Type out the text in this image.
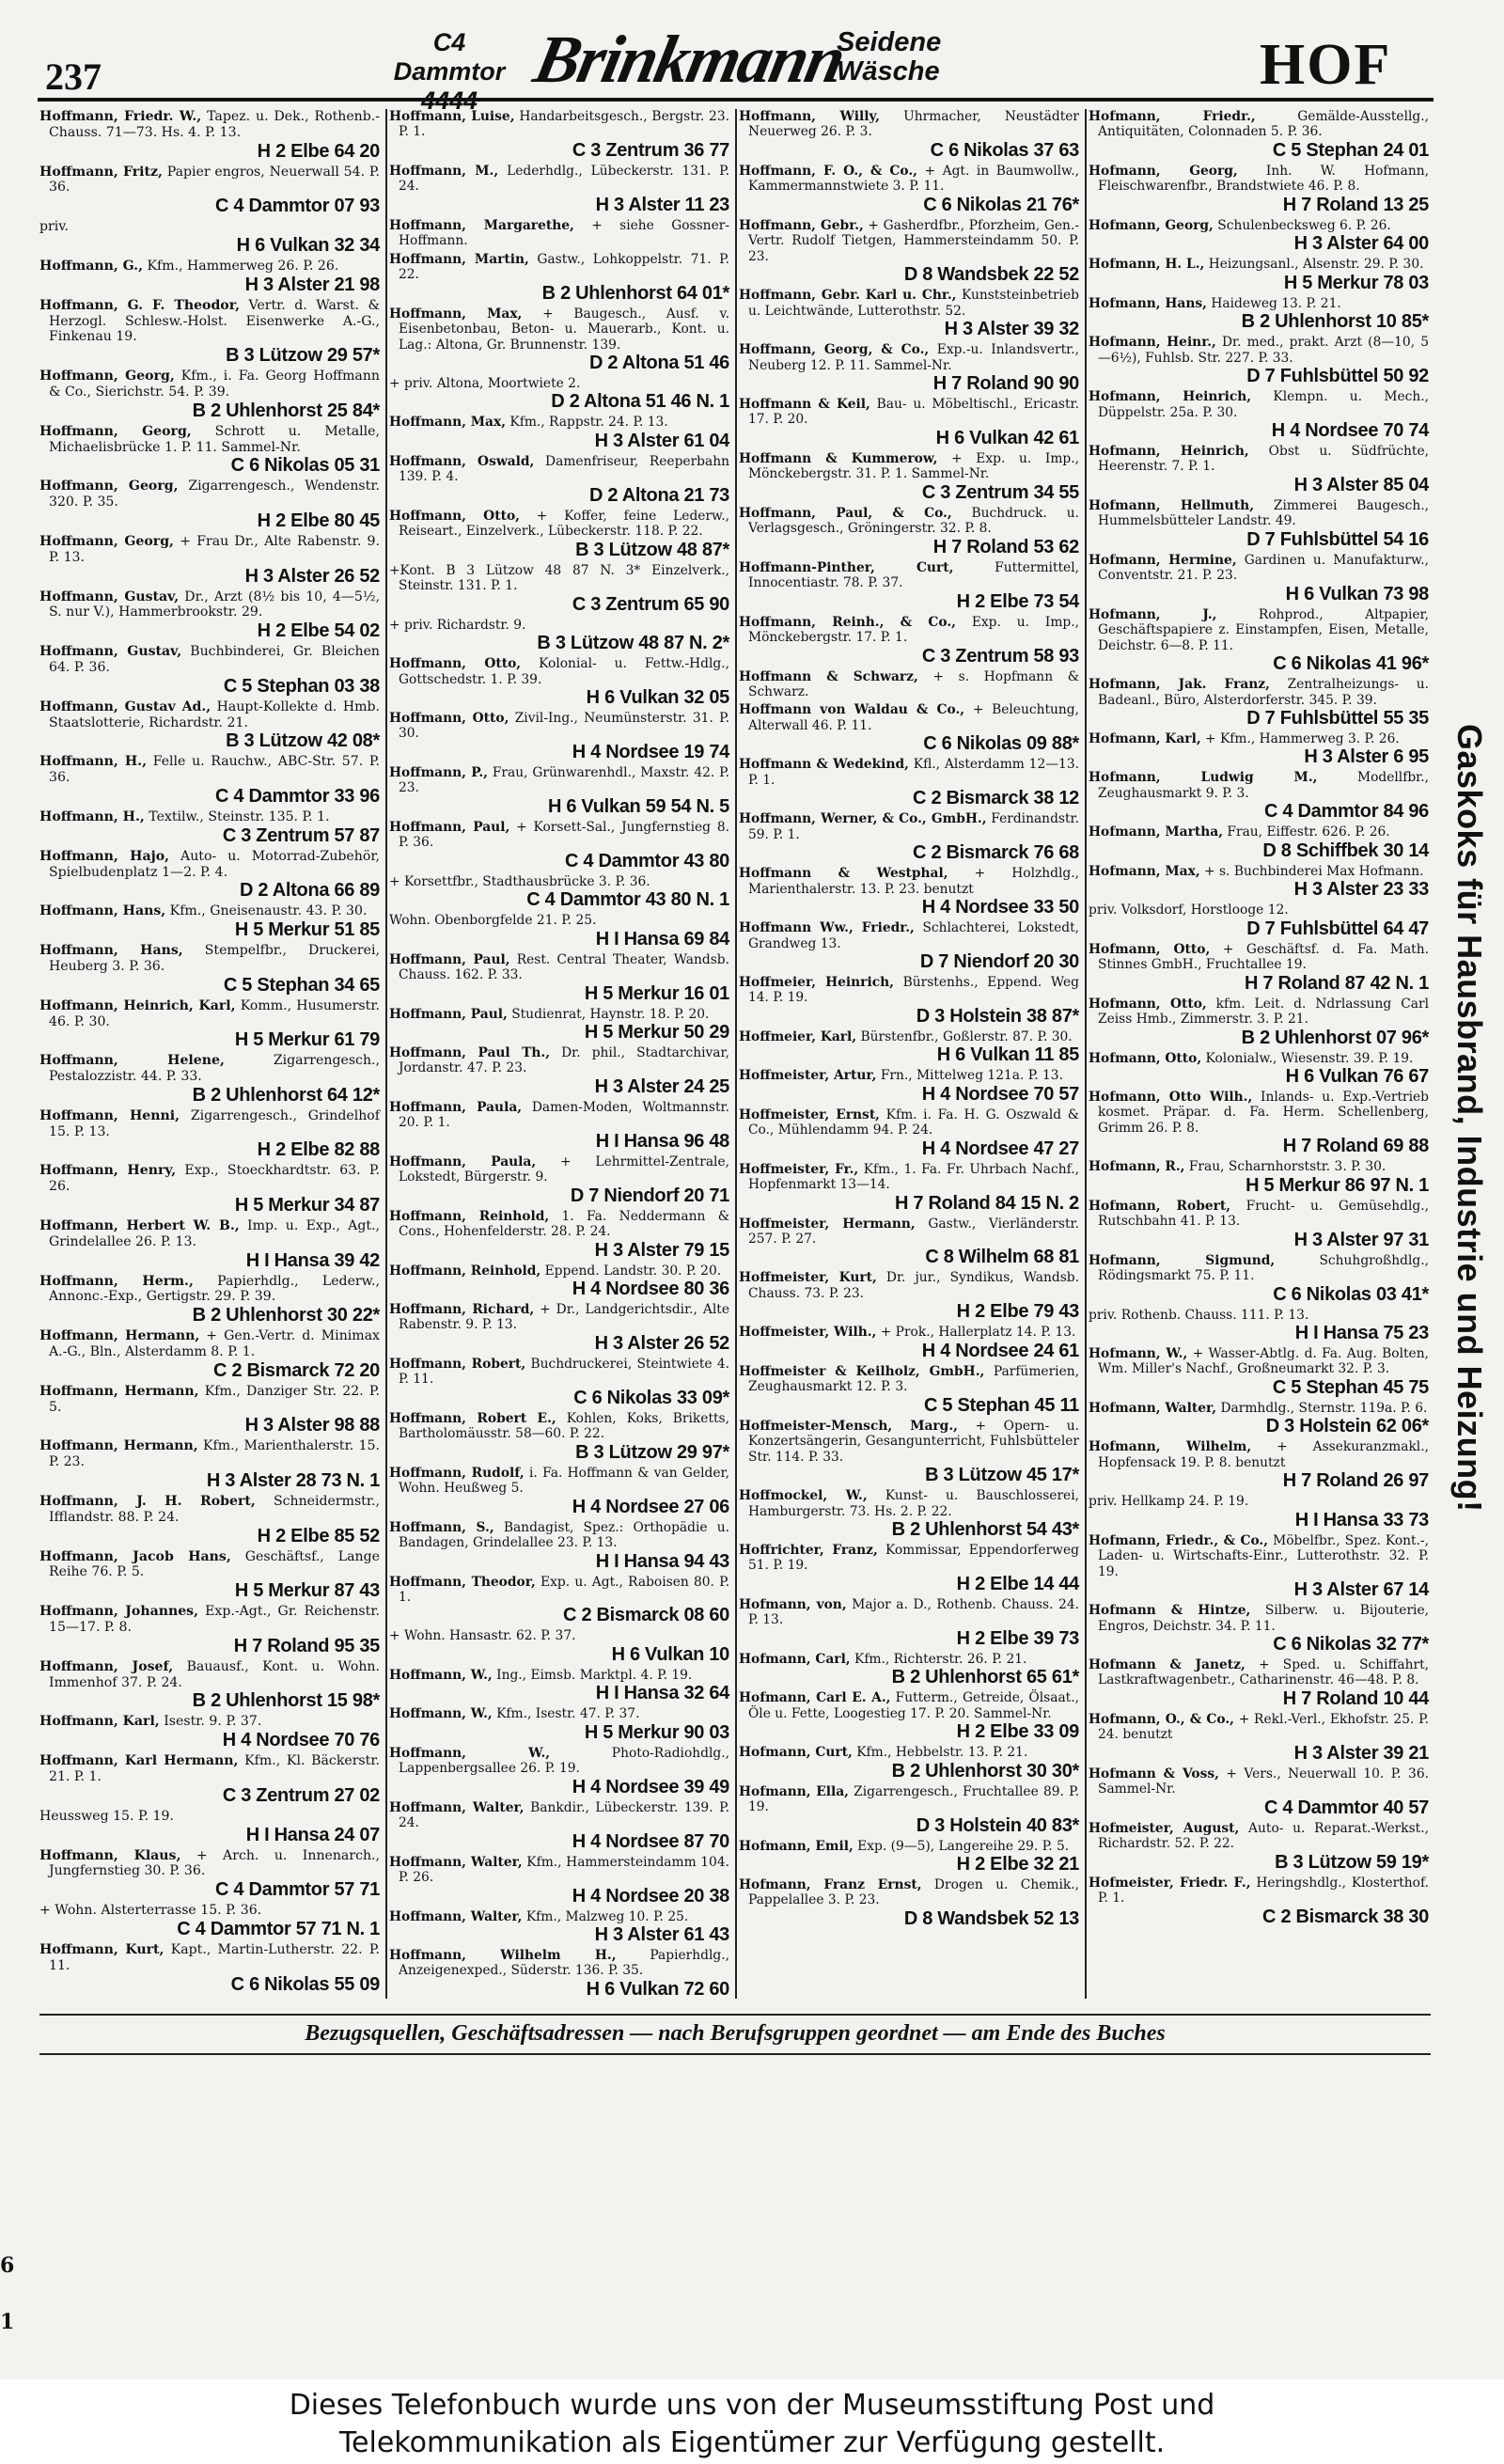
237
C4 Dammtor Brinkmann
Seidene
Wäsche	HOF
Hoffmann, Friedr. W., Tapez. u. Dek., Rothenb.-Chauss. 71—73. Hs. 4. P. 13.
H 2 Elbe 64 20
Hoffmann, Fritz, Papier engros, Neuerwall 54. P. 36.
C 4 Dammtor 07 93
priv.
H 6 Vulkan 32 34
Hoffmann, G., Kfm., Hammerweg 26. P. 26.
H 3 Alster 21 98
Hoffmann, G. F. Theodor, Vertr. d. Warst. & Herzogl. Schlesw.-Holst. Eisenwerke A.-G., Finkenau 19.
B 3 Lützow 29 57*
Hoffmann, Georg, Kfm., i. Fa. Georg Hoffmann & Co., Sierichstr. 54. P. 39.
B 2 Uhlenhorst 25 84*
Hoffmann, Georg, Schrott u. Metalle, Michaelisbrücke 1. P. 11. Sammel-Nr.
C 6 Nikolas 05 31
Hoffmann, Georg, Zigarrengesch., Wendenstr. 320. P. 35.
H 2 Elbe 80 45
Hoffmann, Georg, + Frau Dr., Alte Rabenstr. 9. P. 13.
H 3 Alster 26 52
Hoffmann, Gustav, Dr., Arzt (8½ bis 10, 4—5½, S. nur V.), Hammerbrookstr. 29.
H 2 Elbe 54 02
Hoffmann, Gustav, Buchbinderei, Gr. Bleichen 64. P. 36.
C 5 Stephan 03 38
Hoffmann, Gustav Ad., Haupt-Kollekte d. Hmb. Staatslotterie, Richardstr. 21.
B 3 Lützow 42 08*
Hoffmann, H., Felle u. Rauchw., ABC-Str. 57. P. 36.
C 4 Dammtor 33 96
Hoffmann, H., Textilw., Steinstr. 135. P. 1.
C 3 Zentrum 57 87
Hoffmann, Hajo, Auto- u. Motorrad-Zubehör, Spielbudenplatz 1—2. P. 4.
D 2 Altona 66 89
Hoffmann, Hans, Kfm., Gneisenaustr. 43. P. 30.
H 5 Merkur 51 85
Hoffmann, Hans, Stempelfbr., Druckerei, Heuberg 3. P. 36.
C 5 Stephan 34 65
Hoffmann, Heinrich, Karl, Komm., Husumerstr. 46. P. 30.
H 5 Merkur 61 79
Hoffmann, Helene,	Zigarrengesch., Pestalozzistr. 44. P. 33.
B 2 Uhlenhorst 64 12*
Hoffmann, Henni, Zigarrengesch., Grindelhof 15. P. 13.
H 2 Elbe 82 88
Hoffmann, Henry, Exp., Stoeckhardtstr. 63. P. 26.
H 5 Merkur 34 87
Hoffmann, Herbert W. B., Imp. u. Exp., Agt., Grindelallee 26. P. 13.
H I Hansa 39 42
Hoffmann, Herm., Papierhdlg., Lederw., Annonc.-Exp., Gertigstr. 29. P. 39.
B 2 Uhlenhorst 30 22*
Hoffmann, Hermann, + Gen.-Vertr. d. Minimax A.-G., Bln., Alsterdamm 8. P. 1.
C 2 Bismarck 72 20
Hoffmann, Hermann, Kfm., Danziger Str. 22. P. 5.
H 3 Alster 98 88
Hoffmann, Hermann, Kfm., Marienthalerstr. 15. P. 23.
H 3 Alster 28 73 N. 1
Hoffmann, J. H. Robert, Schneidermstr., Ifflandstr. 88. P. 24.
H 2 Elbe 85 52
Hoffmann, Jacob Hans, Geschäftsf., Lange Reihe 76. P. 5.
H 5 Merkur 87 43
Hoffmann, Johannes, Exp.-Agt., Gr. Reichenstr. 15—17. P. 8.
H 7 Roland 95 35
Hoffmann, Josef, Bauausf., Kont. u. Wohn. Immenhof 37. P. 24.
B 2 Uhlenhorst 15 98*
Hoffmann, Karl, Isestr. 9. P. 37.
H 4 Nordsee 70 76
Hoffmann, Karl Hermann, Kfm., Kl. Bäckerstr. 21. P. 1.
C 3 Zentrum 27 02
Heussweg 15. P. 19.
H I Hansa 24 07
Hoffmann, Klaus, + Arch. u. Innenarch., Jungfernstieg 30. P. 36.
C 4 Dammtor 57 71
+ Wohn. Alsterterrasse 15. P. 36.
C 4 Dammtor 57 71 N. 1
Hoffmann, Kurt, Kapt., Martin-Lutherstr. 22. P. 11.
C 6 Nikolas 55 09
Hoffmann, Luise, Handarbeitsgesch., Bergstr. 23. P. 1.
C 3 Zentrum 36 77
Hoffmann, M., Lederhdlg., Lübeckerstr. 131. P. 24.
H 3 Alster 11 23
Hoffmann, Margarethe, + siehe Gossner-Hoffmann.
Hoffmann, Martin, Gastw., Lohkoppelstr. 71. P. 22.
B 2 Uhlenhorst 64 01*
Hoffmann, Max, + Baugesch., Ausf. v. Eisenbetonbau, Beton- u. Mauerarb., Kont. u. Lag.: Altona, Gr. Brunnenstr. 139.
D 2 Altona 51 46
+ priv. Altona, Moortwiete 2.
D 2 Altona 51 46 N. 1
Hoffmann, Max, Kfm., Rappstr. 24. P. 13.
H 3 Alster 61 04
Hoffmann, Oswald, Damenfriseur, Reeperbahn 139. P. 4.
D 2 Altona 21 73
Hoffmann, Otto, + Koffer, feine Lederw., Reiseart., Einzelverk., Lübeckerstr. 118. P. 22.
B 3 Lützow 48 87*
+Kont. B 3 Lützow 48 87 N. 3* Einzelverk., Steinstr. 131. P. 1.
C 3 Zentrum 65 90
+ priv. Richardstr. 9.
B 3 Lützow 48 87 N. 2*
Hoffmann, Otto, Kolonial- u. Fettw.-Hdlg., Gottschedstr. 1. P. 39.
H 6 Vulkan 32 05
Hoffmann, Otto, Zivil-Ing., Neumünsterstr. 31. P. 30.
H 4 Nordsee 19 74
Hoffmann, P., Frau, Grünwarenhdl., Maxstr. 42. P. 23.
H 6 Vulkan 59 54 N. 5
Hoffmann, Paul, + Korsett-Sal., Jungfernstieg 8. P. 36.
C 4 Dammtor 43 80
+ Korsettfbr., Stadthausbrücke 3. P. 36.
C 4 Dammtor 43 80 N. 1
Wohn. Obenborgfelde 21. P. 25.
H I Hansa 69 84
Hoffmann, Paul, Rest. Central Theater, Wandsb. Chauss. 162. P. 33.
H 5 Merkur 16 01
Hoffmann, Paul, Studienrat, Haynstr. 18. P. 20.
H 5 Merkur 50 29
Hoffmann, Paul Th., Dr. phil., Stadtarchivar, Jordanstr. 47. P. 23.
H 3 Alster 24 25
Hoffmann, Paula, Damen-Moden, Woltmannstr. 20. P. 1.
H I Hansa 96 48
Hoffmann, Paula, + Lehrmittel-Zentrale, Lokstedt, Bürgerstr. 9.
D 7 Niendorf 20 71
Hoffmann, Reinhold, 1. Fa. Neddermann & Cons., Hohenfelderstr. 28. P. 24.
H 3 Alster 79 15
Hoffmann, Reinhold, Eppend. Landstr. 30. P. 20.
H 4 Nordsee 80 36
Hoffmann, Richard, + Dr., Landgerichtsdir., Alte Rabenstr. 9. P. 13.
H 3 Alster 26 52
Hoffmann, Robert, Buchdruckerei, Steintwiete 4. P. 11.
C 6 Nikolas 33 09*
Hoffmann, Robert E., Kohlen, Koks, Briketts, Bartholomäusstr. 58—60. P. 22.
B 3 Lützow 29 97*
Hoffmann, Rudolf, i. Fa. Hoffmann & van Gelder, Wohn. Heußweg 5.
H 4 Nordsee 27 06
Hoffmann, S., Bandagist, Spez.: Orthopädie u. Bandagen, Grindelallee 23. P. 13.
H I Hansa 94 43
Hoffmann, Theodor, Exp. u. Agt., Raboisen 80. P. 1.
C 2 Bismarck 08 60
+ Wohn. Hansastr. 62. P. 37.
H 6 Vulkan 10
Hoffmann, W., Ing., Eimsb. Marktpl. 4. P. 19.
H I Hansa 32 64
Hoffmann, W., Kfm., Isestr. 47. P. 37.
H 5 Merkur 90 03
Hoffmann, W.,	Photo-Radiohdlg., Lappenbergsallee 26. P. 19.
H 4 Nordsee 39 49
Hoffmann, Walter, Bankdir., Lübeckerstr. 139. P. 24.
H 4 Nordsee 87 70
Hoffmann, Walter, Kfm., Hammersteindamm 104. P. 26.
H 4 Nordsee 20 38
Hoffmann, Walter, Kfm., Malzweg 10. P. 25.
H 3 Alster 61 43
Hoffmann, Wilhelm H.,	Papierhdlg., Anzeigenexped., Süderstr. 136. P. 35.
H 6 Vulkan 72 60
Hoffmann, Willy, Uhrmacher, Neustädter Neuerweg 26. P. 3.
C 6 Nikolas 37 63
Hoffmann, F. O., & Co., + Agt. in Baumwollw., Kammermannstwiete 3. P. 11.
C 6 Nikolas 21 76*
Hoffmann, Gebr., + Gasherdfbr., Pforzheim, Gen.-Vertr. Rudolf Tietgen, Hammersteindamm 50. P. 23.
D 8 Wandsbek 22 52
Hoffmann, Gebr. Karl u. Chr., Kunststeinbetrieb u. Leichtwände, Lutterothstr. 52.
H 3 Alster 39 32
Hoffmann, Georg, & Co., Exp.-u. Inlandsvertr., Neuberg 12. P. 11. Sammel-Nr.
H 7 Roland 90 90
Hoffmann & Keil, Bau- u. Möbeltischl., Ericastr. 17. P. 20.
H 6 Vulkan 42 61
Hoffmann & Kummerow, + Exp. u. Imp., Mönckebergstr. 31. P. 1. Sammel-Nr.
C 3 Zentrum 34 55
Hoffmann, Paul, & Co., Buchdruck. u. Verlagsgesch., Gröningerstr. 32. P. 8.
H 7 Roland 53 62
Hoffmann-Pinther, Curt,	Futtermittel, Innocentiastr. 78. P. 37.
H 2 Elbe 73 54
Hoffmann, Reinh., & Co., Exp. u. Imp., Mönckebergstr. 17. P. 1.
C 3 Zentrum 58 93
Hoffmann & Schwarz, + s. Hopfmann & Schwarz.
Hoffmann von Waldau & Co., + Beleuchtung, Alterwall 46. P. 11.
C 6 Nikolas 09 88*
Hoffmann & Wedekind, Kfl., Alsterdamm 12—13. P. 1.
C 2 Bismarck 38 12
Hoffmann, Werner, & Co., GmbH., Ferdinandstr. 59. P. 1.
C 2 Bismarck 76 68
Hoffmann & Westphal, + Holzhdlg., Marienthalerstr. 13. P. 23. benutzt
H 4 Nordsee 33 50
Hoffmann Ww., Friedr., Schlachterei, Lokstedt, Grandweg 13.
D 7 Niendorf 20 30
Hoffmeier, Heinrich, Bürstenhs., Eppend. Weg 14. P. 19.
D 3 Holstein 38 87*
Hoffmeier, Karl, Bürstenfbr., Goßlerstr. 87. P. 30.
H 6 Vulkan 11 85
Hoffmeister, Artur, Frn., Mittelweg 121a. P. 13.
H 4 Nordsee 70 57
Hoffmeister, Ernst, Kfm. i. Fa. H. G. Oszwald & Co., Mühlendamm 94. P. 24.
H 4 Nordsee 47 27
Hoffmeister, Fr., Kfm., 1. Fa. Fr. Uhrbach Nachf., Hopfenmarkt 13—14.
H 7 Roland 84 15 N. 2
Hoffmeister, Hermann, Gastw., Vierländerstr. 257. P. 27.
C 8 Wilhelm 68 81
Hoffmeister, Kurt, Dr. jur., Syndikus, Wandsb. Chauss. 73. P. 23.
H 2 Elbe 79 43
Hoffmeister, Wilh., + Prok., Hallerplatz 14. P. 13.
H 4 Nordsee 24 61
Hoffmeister & Keilholz, GmbH., Parfümerien, Zeughausmarkt 12. P. 3.
C 5 Stephan 45 11
Hoffmeister-Mensch, Marg., + Opern- u. Konzertsängerin, Gesangunterricht, Fuhlsbütteler Str. 114. P. 33.
B 3 Lützow 45 17*
Hoffmockel, W., Kunst- u. Bauschlosserei, Hamburgerstr. 73. Hs. 2. P. 22.
B 2 Uhlenhorst 54 43*
Hoffrichter, Franz, Kommissar, Eppendorferweg 51. P. 19.
H 2 Elbe 14 44
Hofmann, von, Major a. D., Rothenb. Chauss. 24. P. 13.
H 2 Elbe 39 73
Hofmann, Carl, Kfm., Richterstr. 26. P. 21.
B 2 Uhlenhorst 65 61*
Hofmann, Carl E. A., Futterm., Getreide, Ölsaat., Öle u. Fette, Loogestieg 17. P. 20. Sammel-Nr.
H 2 Elbe 33 09
Hofmann, Curt, Kfm., Hebbelstr. 13. P. 21.
B 2 Uhlenhorst 30 30*
Hofmann, Ella, Zigarrengesch., Fruchtallee 89. P. 19.
D 3 Holstein 40 83*
Hofmann, Emil, Exp. (9—5), Langereihe 29. P. 5.
H 2 Elbe 32 21
Hofmann, Franz Ernst, Drogen u. Chemik., Pappelallee 3. P. 23.
D 8 Wandsbek 52 13
Hofmann, Friedr.,	Gemälde-Ausstellg., Antiquitäten, Colonnaden 5. P. 36.
C 5 Stephan 24 01
Hofmann, Georg, Inh. W. Hofmann, Fleischwarenfbr., Brandstwiete 46. P. 8.
H 7 Roland 13 25
Hofmann, Georg, Schulenbecksweg 6. P. 26.
H 3 Alster 64 00
Hofmann, H. L., Heizungsanl., Alsenstr. 29. P. 30.
H 5 Merkur 78 03
Hofmann, Hans, Haideweg 13. P. 21.
B 2 Uhlenhorst 10 85*
Hofmann, Heinr., Dr. med., prakt. Arzt (8—10, 5—6½), Fuhlsb. Str. 227. P. 33.
D 7 Fuhlsbüttel 50 92
Hofmann, Heinrich, Klempn. u. Mech., Düppelstr. 25a. P. 30.
H 4 Nordsee 70 74
Hofmann, Heinrich, Obst u. Südfrüchte, Heerenstr. 7. P. 1.
H 3 Alster 85 04
Hofmann, Hellmuth, Zimmerei Baugesch., Hummelsbütteler Landstr. 49.
D 7 Fuhlsbüttel 54 16
Hofmann, Hermine, Gardinen u. Manufakturw., Conventstr. 21. P. 23.
H 6 Vulkan 73 98
Hofmann, J.,	Rohprod., Altpapier, Geschäftspapiere z. Einstampfen, Eisen, Metalle, Deichstr. 6—8. P. 11.
C 6 Nikolas 41 96*
Hofmann, Jak. Franz, Zentralheizungs- u. Badeanl., Büro, Alsterdorferstr. 345. P. 39.
D 7 Fuhlsbüttel 55 35
Hofmann, Karl, + Kfm., Hammerweg 3. P. 26.
H 3 Alster 6 95
Hofmann, Ludwig M.,	Modellfbr., Zeughausmarkt 9. P. 3.
C 4 Dammtor 84 96
Hofmann, Martha, Frau, Eiffestr. 626. P. 26.
D 8 Schiffbek 30 14
Hofmann, Max, + s. Buchbinderei Max Hofmann.
H 3 Alster 23 33
priv. Volksdorf, Horstlooge 12.
D 7 Fuhlsbüttel 64 47
Hofmann, Otto, + Geschäftsf. d. Fa. Math. Stinnes GmbH., Fruchtallee 19.
H 7 Roland 87 42 N. 1
Hofmann, Otto, kfm. Leit. d. Ndrlassung Carl Zeiss Hmb., Zimmerstr. 3. P. 21.
B 2 Uhlenhorst 07 96*
Hofmann, Otto, Kolonialw., Wiesenstr. 39. P. 19.
H 6 Vulkan 76 67
Hofmann, Otto Wilh., Inlands- u. Exp.-Vertrieb kosmet. Präpar. d. Fa. Herm. Schellenberg, Grimm 26. P. 8.
H 7 Roland 69 88
Hofmann, R., Frau, Scharnhorststr. 3. P. 30.
H 5 Merkur 86 97 N. 1
Hofmann, Robert, Frucht- u. Gemüsehdlg., Rutschbahn 41. P. 13.
H 3 Alster 97 31
Hofmann, Sigmund,	Schuhgroßhdlg., Rödingsmarkt 75. P. 11.
C 6 Nikolas 03 41*
priv. Rothenb. Chauss. 111. P. 13.
H I Hansa 75 23
Hofmann, W., + Wasser-Abtlg. d. Fa. Aug. Bolten, Wm. Miller's Nachf., Großneumarkt 32. P. 3.
C 5 Stephan 45 75
Hofmann, Walter, Darmhdlg., Sternstr. 119a. P. 6.
D 3 Holstein 62 06*
Hofmann, Wilhelm, + Assekuranzmakl., Hopfensack 19. P. 8. benutzt
H 7 Roland 26 97
priv. Hellkamp 24. P. 19.
H I Hansa 33 73
Hofmann, Friedr., & Co., Möbelfbr., Spez. Kont.-, Laden- u. Wirtschafts-Einr., Lutterothstr. 32. P. 19.
H 3 Alster 67 14
Hofmann & Hintze, Silberw. u. Bijouterie, Engros, Deichstr. 34. P. 11.
C 6 Nikolas 32 77*
Hofmann & Janetz, + Sped. u. Schiffahrt, Lastkraftwagenbetr., Catharinenstr. 46—48. P. 8.
H 7 Roland 10 44
Hofmann, O., & Co., + Rekl.-Verl., Ekhofstr. 25. P. 24. benutzt
H 3 Alster 39 21
Hofmann & Voss, + Vers., Neuerwall 10. P. 36. Sammel-Nr.
C 4 Dammtor 40 57
Hofmeister, August, Auto- u. Reparat.-Werkst., Richardstr. 52. P. 22.
B 3 Lützow 59 19*
Hofmeister, Friedr. F., Heringshdlg., Klosterthof. P. 1.
C 2 Bismarck 38 30
Gaskoks für Hausbrand, Industrie und Heizung!
Bezugsquellen, Geschäftsadressen — nach Berufsgruppen geordnet — am Ende des Buches
6
1
Dieses Telefonbuch wurde uns von der Museumsstiftung Post und
Telekommunikation als Eigentümer zur Verfügung gestellt.
